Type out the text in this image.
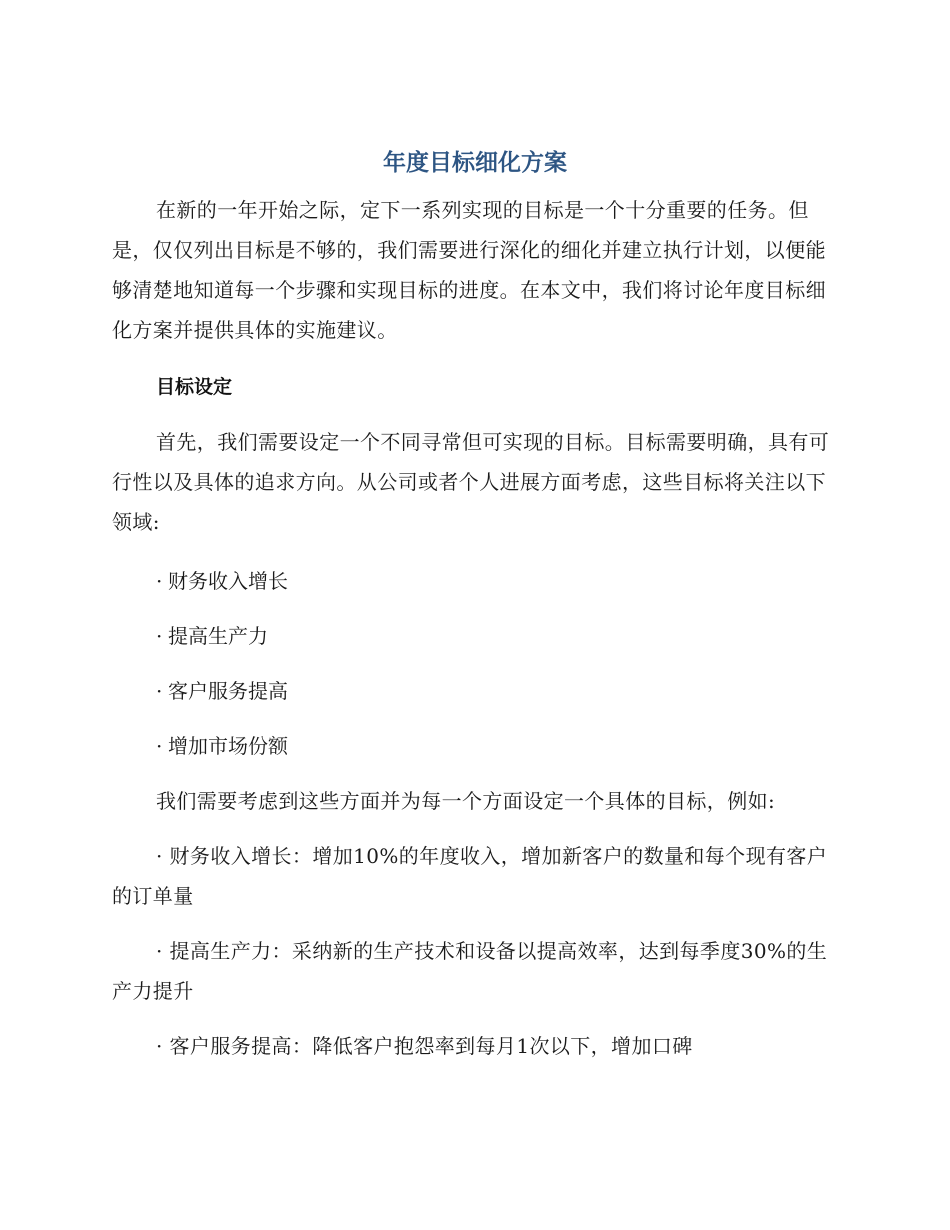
年度目标细化方案

在新的一年开始之际，定下一系列实现的目标是一个十分重要的任务。但是，仅仅列出目标是不够的，我们需要进行深化的细化并建立执行计划，以便能够清楚地知道每一个步骤和实现目标的进度。在本文中，我们将讨论年度目标细化方案并提供具体的实施建议。

目标设定

首先，我们需要设定一个不同寻常但可实现的目标。目标需要明确，具有可行性以及具体的追求方向。从公司或者个人进展方面考虑，这些目标将关注以下领域:

· 财务收入增长
· 提高生产力
· 客户服务提高
· 增加市场份额

我们需要考虑到这些方面并为每一个方面设定一个具体的目标，例如:

· 财务收入增长：增加10%的年度收入，增加新客户的数量和每个现有客户的订单量

· 提高生产力：采纳新的生产技术和设备以提高效率，达到每季度30%的生产力提升

· 客户服务提高：降低客户抱怨率到每月1次以下，增加口碑
